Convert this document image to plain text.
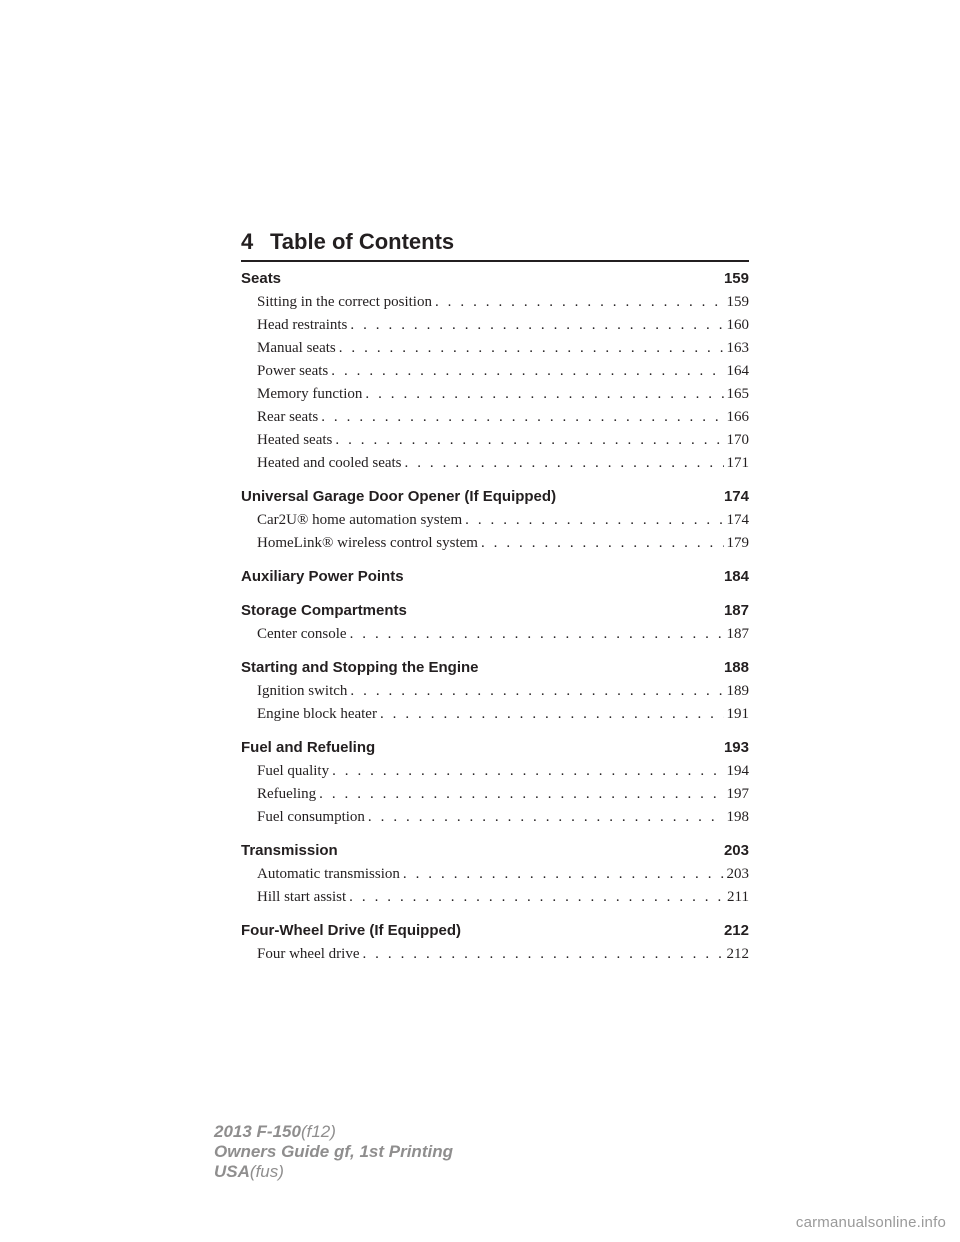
4 Table of Contents
Seats	159
Sitting in the correct position . . .	159
Head restraints . . .	160
Manual seats . . .	163
Power seats . . .	164
Memory function . . .	165
Rear seats . . .	166
Heated seats . . .	170
Heated and cooled seats . . .	171
Universal Garage Door Opener (If Equipped)	174
Car2U® home automation system . . .	174
HomeLink® wireless control system . . .	179
Auxiliary Power Points	184
Storage Compartments	187
Center console . . .	187
Starting and Stopping the Engine	188
Ignition switch . . .	189
Engine block heater . . .	191
Fuel and Refueling	193
Fuel quality . . .	194
Refueling . . .	197
Fuel consumption . . .	198
Transmission	203
Automatic transmission . . .	203
Hill start assist . . .	211
Four-Wheel Drive (If Equipped)	212
Four wheel drive . . .	212
2013 F-150(f12)
Owners Guide gf, 1st Printing
USA(fus)
carmanualsonline.info
